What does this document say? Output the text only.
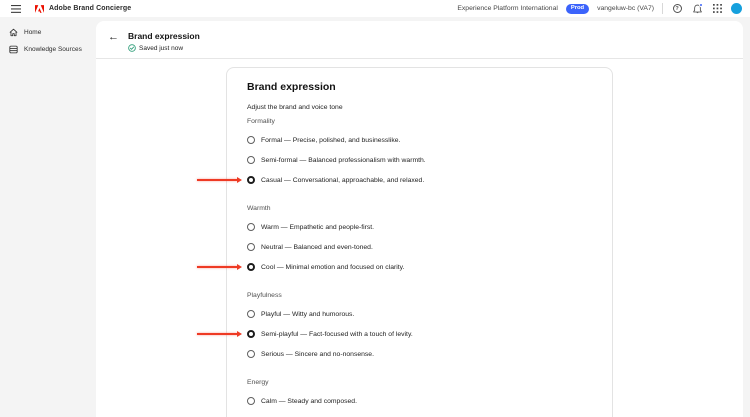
Adobe Brand Concierge	Experience Platform International	Prod	vangeluw-bc (VA7)	?
Home
Knowledge Sources
← Brand expression
Saved just now
Brand expression

Adjust the brand and voice tone

Formality
Formal — Precise, polished, and businesslike.
Semi-formal — Balanced professionalism with warmth.
Casual — Conversational, approachable, and relaxed.
Warmth
Warm — Empathetic and people-first.
Neutral — Balanced and even-toned.
Cool — Minimal emotion and focused on clarity.
Playfulness
Playful — Witty and humorous.
Semi-playful — Fact-focused with a touch of levity.
Serious — Sincere and no-nonsense.
Energy
Calm — Steady and composed.
